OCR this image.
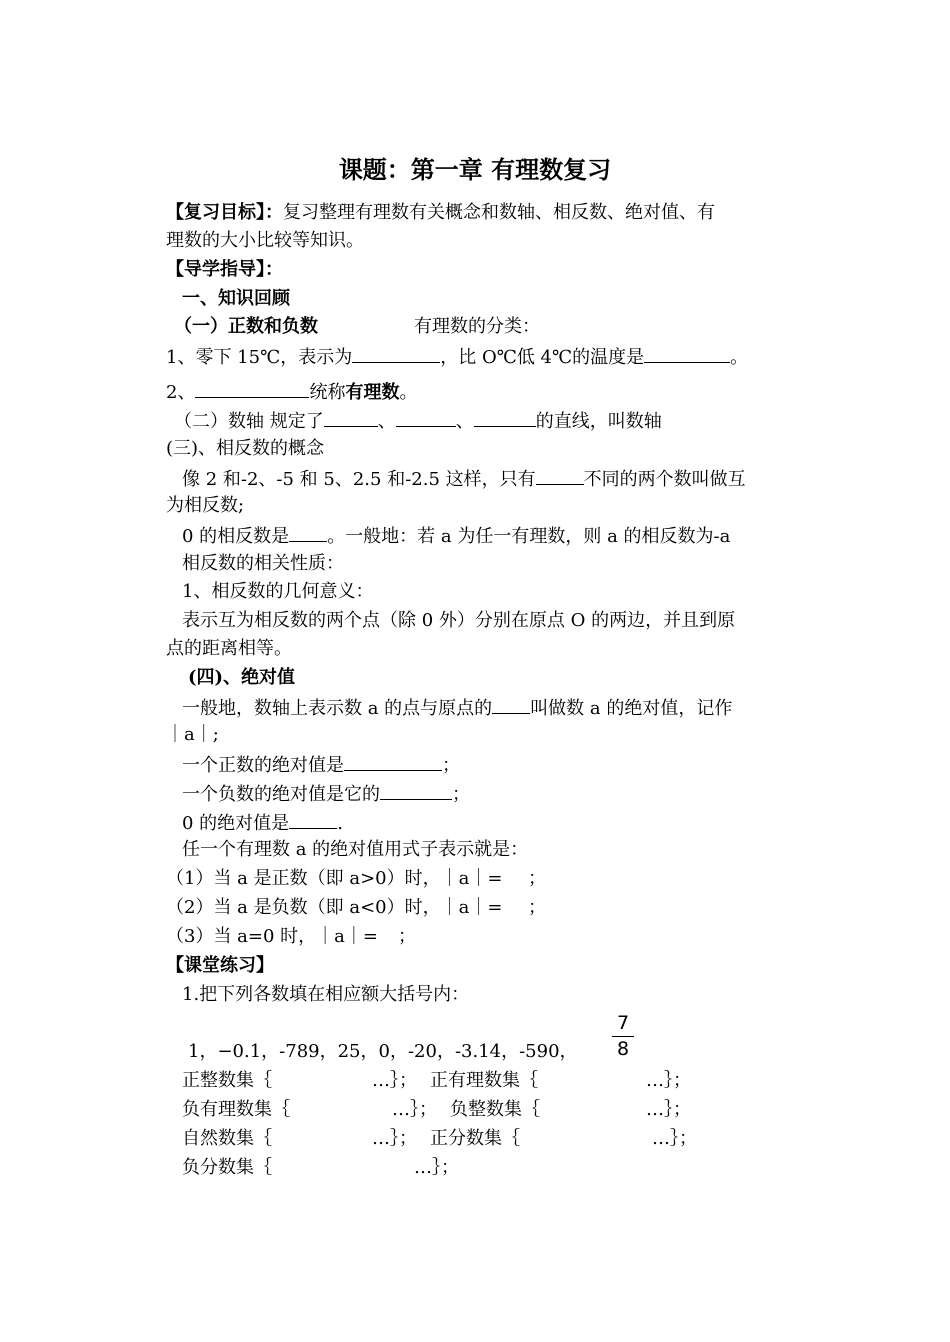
课题：第一章 有理数复习
【复习目标】：复习整理有理数有关概念和数轴、相反数、绝对值、有
理数的大小比较等知识。
【导学指导】：
一、知识回顾
（一）正数和负数	有理数的分类：
1、零下 15℃，表示为	，比 O℃低 4℃的温度是	。
2、	统称有理数。
（二）数轴 规定了	、	、	的直线，叫数轴
(三)、相反数的概念
像 2 和-2、-5 和 5、2.5 和-2.5 这样，只有	不同的两个数叫做互
为相反数;
0 的相反数是 。一般地：若 a 为任一有理数，则 a 的相反数为-a
相反数的相关性质：
1、相反数的几何意义：
表示互为相反数的两个点（除 0 外）分别在原点 O 的两边，并且到原
点的距离相等。
(四)、绝对值
一般地，数轴上表示数 a 的点与原点的 叫做数 a 的绝对值，记作
｜a｜;
一个正数的绝对值是	；
一个负数的绝对值是它的	；
0 的绝对值是	.
任一个有理数 a 的绝对值用式子表示就是：
（1）当 a 是正数（即 a>0）时，｜a｜= ；
（2）当 a 是负数（即 a<0）时，｜a｜= ；
（3）当 a=0 时，｜a｜= ；
【课堂练习】
1.把下列各数填在相应额大括号内：
1，−0.1，-789，25，0，-20，-3.14，-590，
7
8
正整数集｛	…｝； 正有理数集｛	…｝；
负有理数集｛	…｝； 负整数集｛	…｝；
自然数集｛	…｝； 正分数集｛	…｝；
负分数集｛	…｝；
